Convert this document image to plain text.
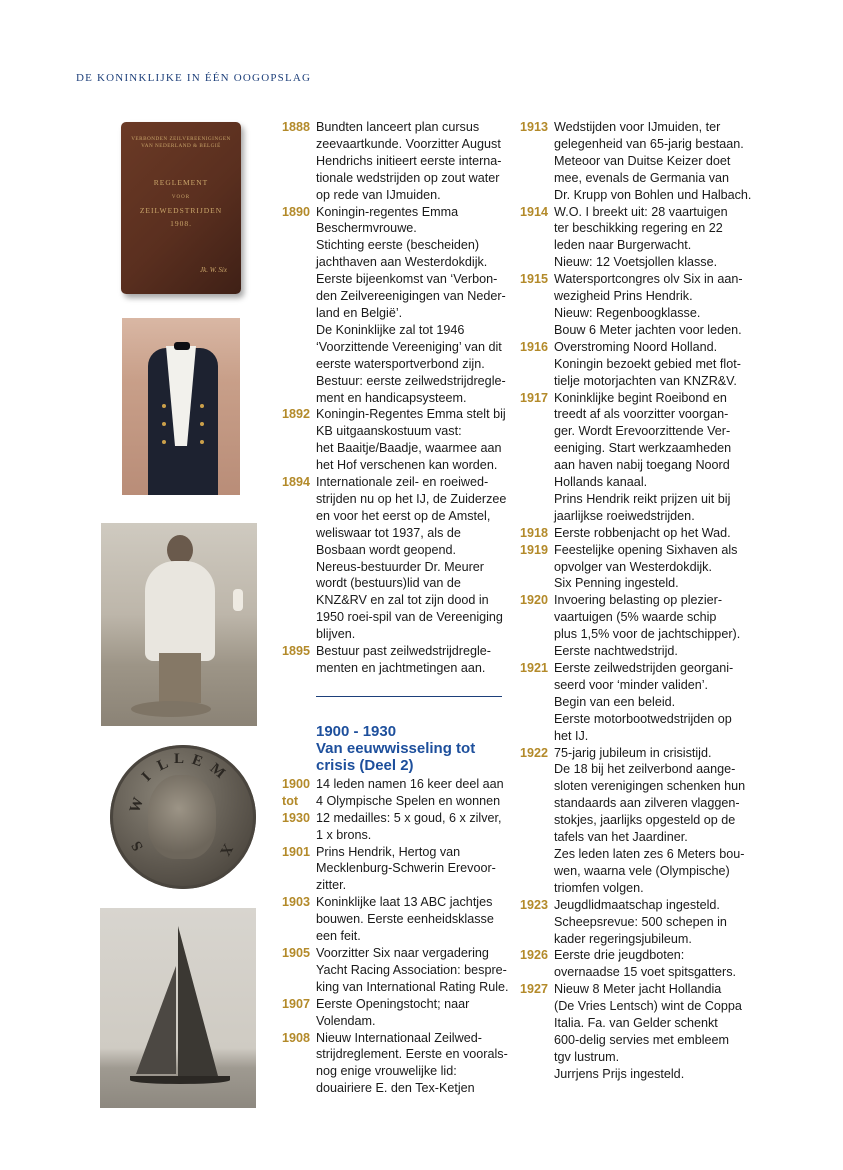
DE KONINKLIJKE IN ÉÉN OOGOPSLAG
VERBONDEN ZEILVEREENIGINGEN
VAN NEDERLAND & BELGIË
REGLEMENT
VOOR
ZEILWEDSTRIJDEN
1908.
Jk. W. Six
W
I
L L E M
S	X
1888 Bundten lanceert plan cursus
zeevaartkunde. Voorzitter August
Hendrichs initieert eerste interna-
tionale wedstrijden op zout water
op rede van IJmuiden.
1890 Koningin-regentes Emma
Beschermvrouwe.
Stichting eerste (bescheiden)
jachthaven aan Westerdokdijk.
Eerste bijeenkomst van ‘Verbon-
den Zeilvereenigingen van Neder-
land en België’.
De Koninklijke zal tot 1946
‘Voorzittende Vereeniging’ van dit
eerste watersportverbond zijn.
Bestuur: eerste zeilwedstrijdregle-
ment en handicapsysteem.
1892 Koningin-Regentes Emma stelt bij
KB uitgaanskostuum vast:
het Baaitje/Baadje, waarmee aan
het Hof verschenen kan worden.
1894 Internationale zeil- en roeiwed-
strijden nu op het IJ, de Zuiderzee
en voor het eerst op de Amstel,
weliswaar tot 1937, als de
Bosbaan wordt geopend.
Nereus-bestuurder Dr. Meurer
wordt (bestuurs)lid van de
KNZ&RV en zal tot zijn dood in
1950 roei-spil van de Vereeniging
blijven.
1895 Bestuur past zeilwedstrijdregle-
menten en jachtmetingen aan.
1900 - 1930
Van eeuwwisseling tot
crisis (Deel 2)
1900 14 leden namen 16 keer deel aan
tot	4 Olympische Spelen en wonnen
1930 12 medailles: 5 x goud, 6 x zilver,
1 x brons.
1901 Prins Hendrik, Hertog van
Mecklenburg-Schwerin Erevoor-
zitter.
1903 Koninklijke laat 13 ABC jachtjes
bouwen. Eerste eenheidsklasse
een feit.
1905 Voorzitter Six naar vergadering
Yacht Racing Association: bespre-
king van International Rating Rule.
1907 Eerste Openingstocht; naar
Volendam.
1908 Nieuw Internationaal Zeilwed-
strijdreglement. Eerste en voorals-
nog enige vrouwelijke lid:
douairiere E. den Tex-Ketjen
1913 Wedstijden voor IJmuiden, ter
gelegenheid van 65-jarig bestaan.
Meteoor van Duitse Keizer doet
mee, evenals de Germania van
Dr. Krupp von Bohlen und Halbach.
1914 W.O. I breekt uit: 28 vaartuigen
ter beschikking regering en 22
leden naar Burgerwacht.
Nieuw: 12 Voetsjollen klasse.
1915 Watersportcongres olv Six in aan-
wezigheid Prins Hendrik.
Nieuw: Regenboogklasse.
Bouw 6 Meter jachten voor leden.
1916 Overstroming Noord Holland.
Koningin bezoekt gebied met flot-
tielje motorjachten van KNZR&V.
1917 Koninklijke begint Roeibond en
treedt af als voorzitter voorgan-
ger. Wordt Erevoorzittende Ver-
eeniging. Start werkzaamheden
aan haven nabij toegang Noord
Hollands kanaal.
Prins Hendrik reikt prijzen uit bij
jaarlijkse roeiwedstrijden.
1918 Eerste robbenjacht op het Wad.
1919 Feestelijke opening Sixhaven als
opvolger van Westerdokdijk.
Six Penning ingesteld.
1920 Invoering belasting op plezier-
vaartuigen (5% waarde schip
plus 1,5% voor de jachtschipper).
Eerste nachtwedstrijd.
1921 Eerste zeilwedstrijden georgani-
seerd voor ‘minder validen’.
Begin van een beleid.
Eerste motorbootwedstrijden op
het IJ.
1922 75-jarig jubileum in crisistijd.
De 18 bij het zeilverbond aange-
sloten verenigingen schenken hun
standaards aan zilveren vlaggen-
stokjes, jaarlijks opgesteld op de
tafels van het Jaardiner.
Zes leden laten zes 6 Meters bou-
wen, waarna vele (Olympische)
triomfen volgen.
1923 Jeugdlidmaatschap ingesteld.
Scheepsrevue: 500 schepen in
kader regeringsjubileum.
1926 Eerste drie jeugdboten:
overnaadse 15 voet spitsgatters.
1927 Nieuw 8 Meter jacht Hollandia
(De Vries Lentsch) wint de Coppa
Italia. Fa. van Gelder schenkt
600-delig servies met embleem
tgv lustrum.
Jurrjens Prijs ingesteld.
